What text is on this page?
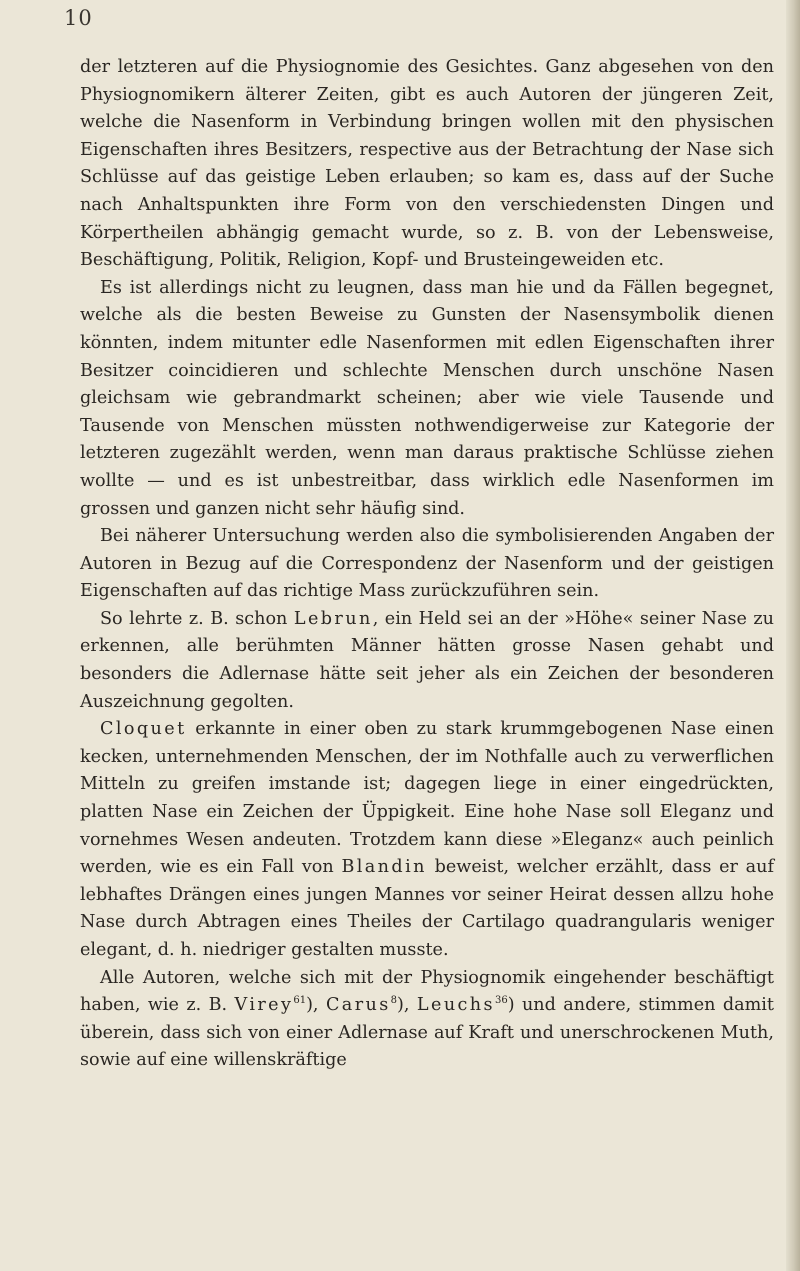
10

der letzteren auf die Physiognomie des Gesichtes. Ganz abgesehen von den Physiognomikern älterer Zeiten, gibt es auch Autoren der jüngeren Zeit, welche die Nasenform in Verbindung bringen wollen mit den physischen Eigenschaften ihres Besitzers, respective aus der Betrachtung der Nase sich Schlüsse auf das geistige Leben erlauben; so kam es, dass auf der Suche nach Anhaltspunkten ihre Form von den verschiedensten Dingen und Körpertheilen abhängig gemacht wurde, so z. B. von der Lebensweise, Beschäftigung, Politik, Religion, Kopf- und Brusteingeweiden etc.

Es ist allerdings nicht zu leugnen, dass man hie und da Fällen begegnet, welche als die besten Beweise zu Gunsten der Nasensymbolik dienen könnten, indem mitunter edle Nasenformen mit edlen Eigenschaften ihrer Besitzer coincidieren und schlechte Menschen durch unschöne Nasen gleichsam wie gebrandmarkt scheinen; aber wie viele Tausende und Tausende von Menschen müssten nothwendigerweise zur Kategorie der letzteren zugezählt werden, wenn man daraus praktische Schlüsse ziehen wollte — und es ist unbestreitbar, dass wirklich edle Nasenformen im grossen und ganzen nicht sehr häufig sind.

Bei näherer Untersuchung werden also die symbolisierenden Angaben der Autoren in Bezug auf die Correspondenz der Nasenform und der geistigen Eigenschaften auf das richtige Mass zurückzuführen sein.

So lehrte z. B. schon Lebrun, ein Held sei an der »Höhe« seiner Nase zu erkennen, alle berühmten Männer hätten grosse Nasen gehabt und besonders die Adlernase hätte seit jeher als ein Zeichen der besonderen Auszeichnung gegolten.

Cloquet erkannte in einer oben zu stark krummgebogenen Nase einen kecken, unternehmenden Menschen, der im Nothfalle auch zu verwerflichen Mitteln zu greifen imstande ist; dagegen liege in einer eingedrückten, platten Nase ein Zeichen der Üppigkeit. Eine hohe Nase soll Eleganz und vornehmes Wesen andeuten. Trotzdem kann diese »Eleganz« auch peinlich werden, wie es ein Fall von Blandin beweist, welcher erzählt, dass er auf lebhaftes Drängen eines jungen Mannes vor seiner Heirat dessen allzu hohe Nase durch Abtragen eines Theiles der Cartilago quadrangularis weniger elegant, d. h. niedriger gestalten musste.

Alle Autoren, welche sich mit der Physiognomik eingehender beschäftigt haben, wie z. B. Virey$^{61}$), Carus$^8$), Leuchs$^{36}$) und andere, stimmen damit überein, dass sich von einer Adlernase auf Kraft und unerschrockenen Muth, sowie auf eine willenskräftige
